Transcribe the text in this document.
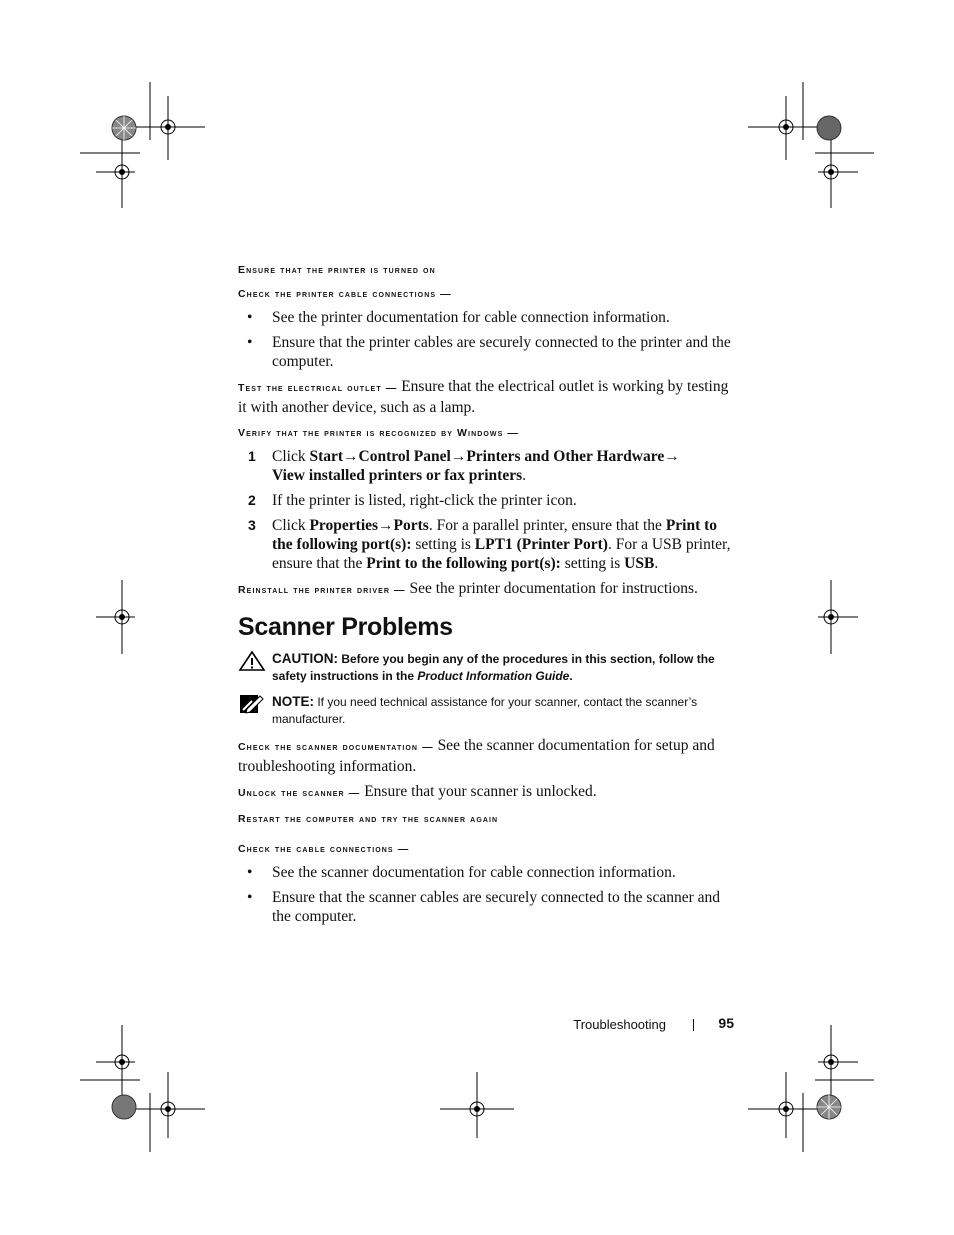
Ensure that the printer is turned on

Check the printer cable connections —

• See the printer documentation for cable connection information.
• Ensure that the printer cables are securely connected to the printer and the computer.

Test the electrical outlet — Ensure that the electrical outlet is working by testing it with another device, such as a lamp.

Verify that the printer is recognized by Windows —

1 Click Start→Control Panel→Printers and Other Hardware→
View installed printers or fax printers.
2 If the printer is listed, right-click the printer icon.
3 Click Properties→Ports. For a parallel printer, ensure that the Print to the following port(s): setting is LPT1 (Printer Port). For a USB printer, ensure that the Print to the following port(s): setting is USB.

Reinstall the printer driver — See the printer documentation for instructions.

Scanner Problems
CAUTION: Before you begin any of the procedures in this section, follow the safety instructions in the Product Information Guide.
NOTE: If you need technical assistance for your scanner, contact the scanner’s manufacturer.

Check the scanner documentation — See the scanner documentation for setup and troubleshooting information.

Unlock the scanner — Ensure that your scanner is unlocked.

Restart the computer and try the scanner again

Check the cable connections —

• See the scanner documentation for cable connection information.
• Ensure that the scanner cables are securely connected to the scanner and the computer.
Troubleshooting	95
